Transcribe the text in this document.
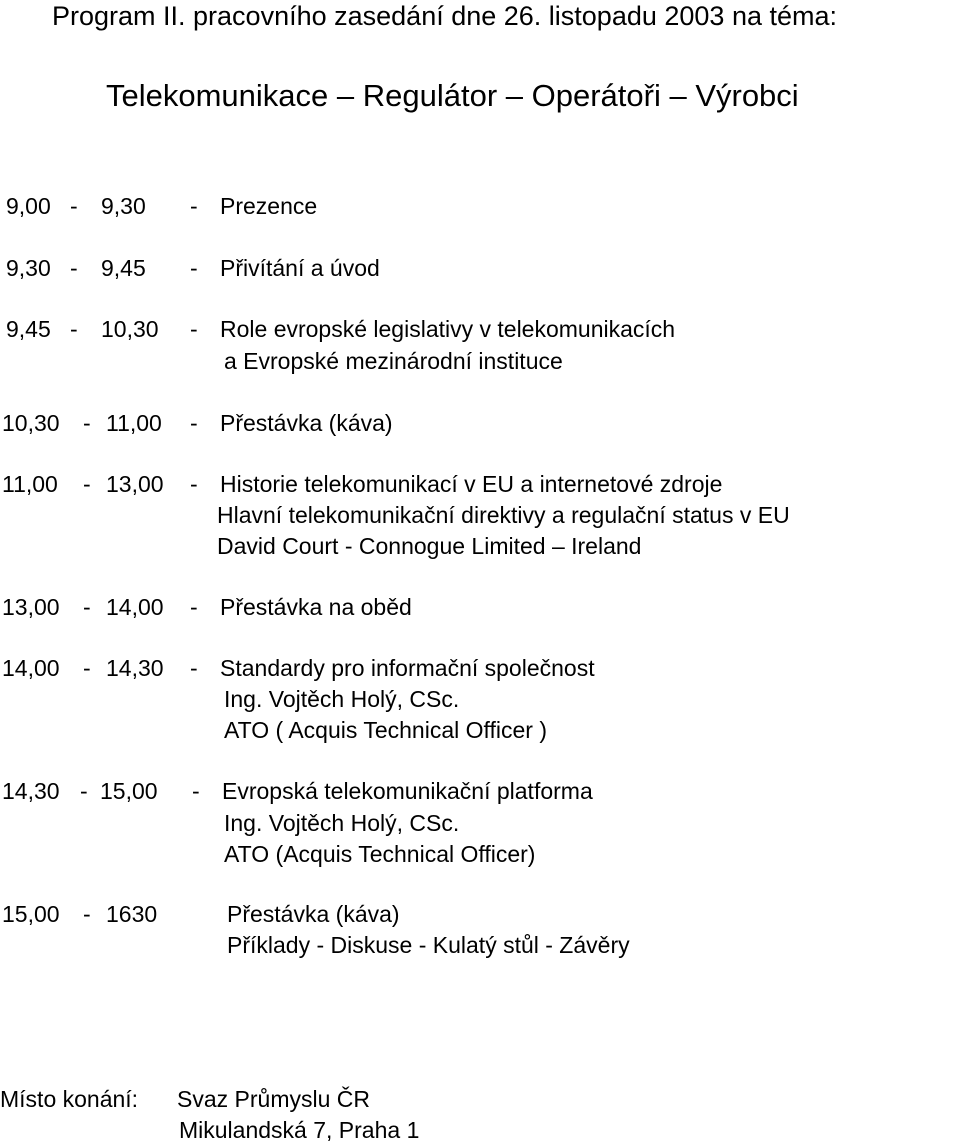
Program II. pracovního zasedání dne 26. listopadu 2003 na téma:
Telekomunikace – Regulátor – Operátoři – Výrobci
9,00 - 9,30 - Prezence
9,30 - 9,45 - Přivítání a úvod
9,45 - 10,30 - Role evropské legislativy v telekomunikacích
a Evropské mezinárodní instituce
10,30 - 11,00 - Přestávka (káva)
11,00 - 13,00 - Historie telekomunikací v EU a internetové zdroje
Hlavní telekomunikační direktivy a regulační status v EU
David Court - Connogue Limited – Ireland
13,00 - 14,00 - Přestávka na oběd
14,00 - 14,30 - Standardy pro informační společnost
Ing. Vojtěch Holý, CSc.
ATO ( Acquis Technical Officer )
14,30 - 15,00 - Evropská telekomunikační platforma
Ing. Vojtěch Holý, CSc.
ATO (Acquis Technical Officer)
15,00 - 1630	Přestávka (káva)
Příklady - Diskuse - Kulatý stůl - Závěry
Místo konání: Svaz Průmyslu ČR
Mikulandská 7, Praha 1
